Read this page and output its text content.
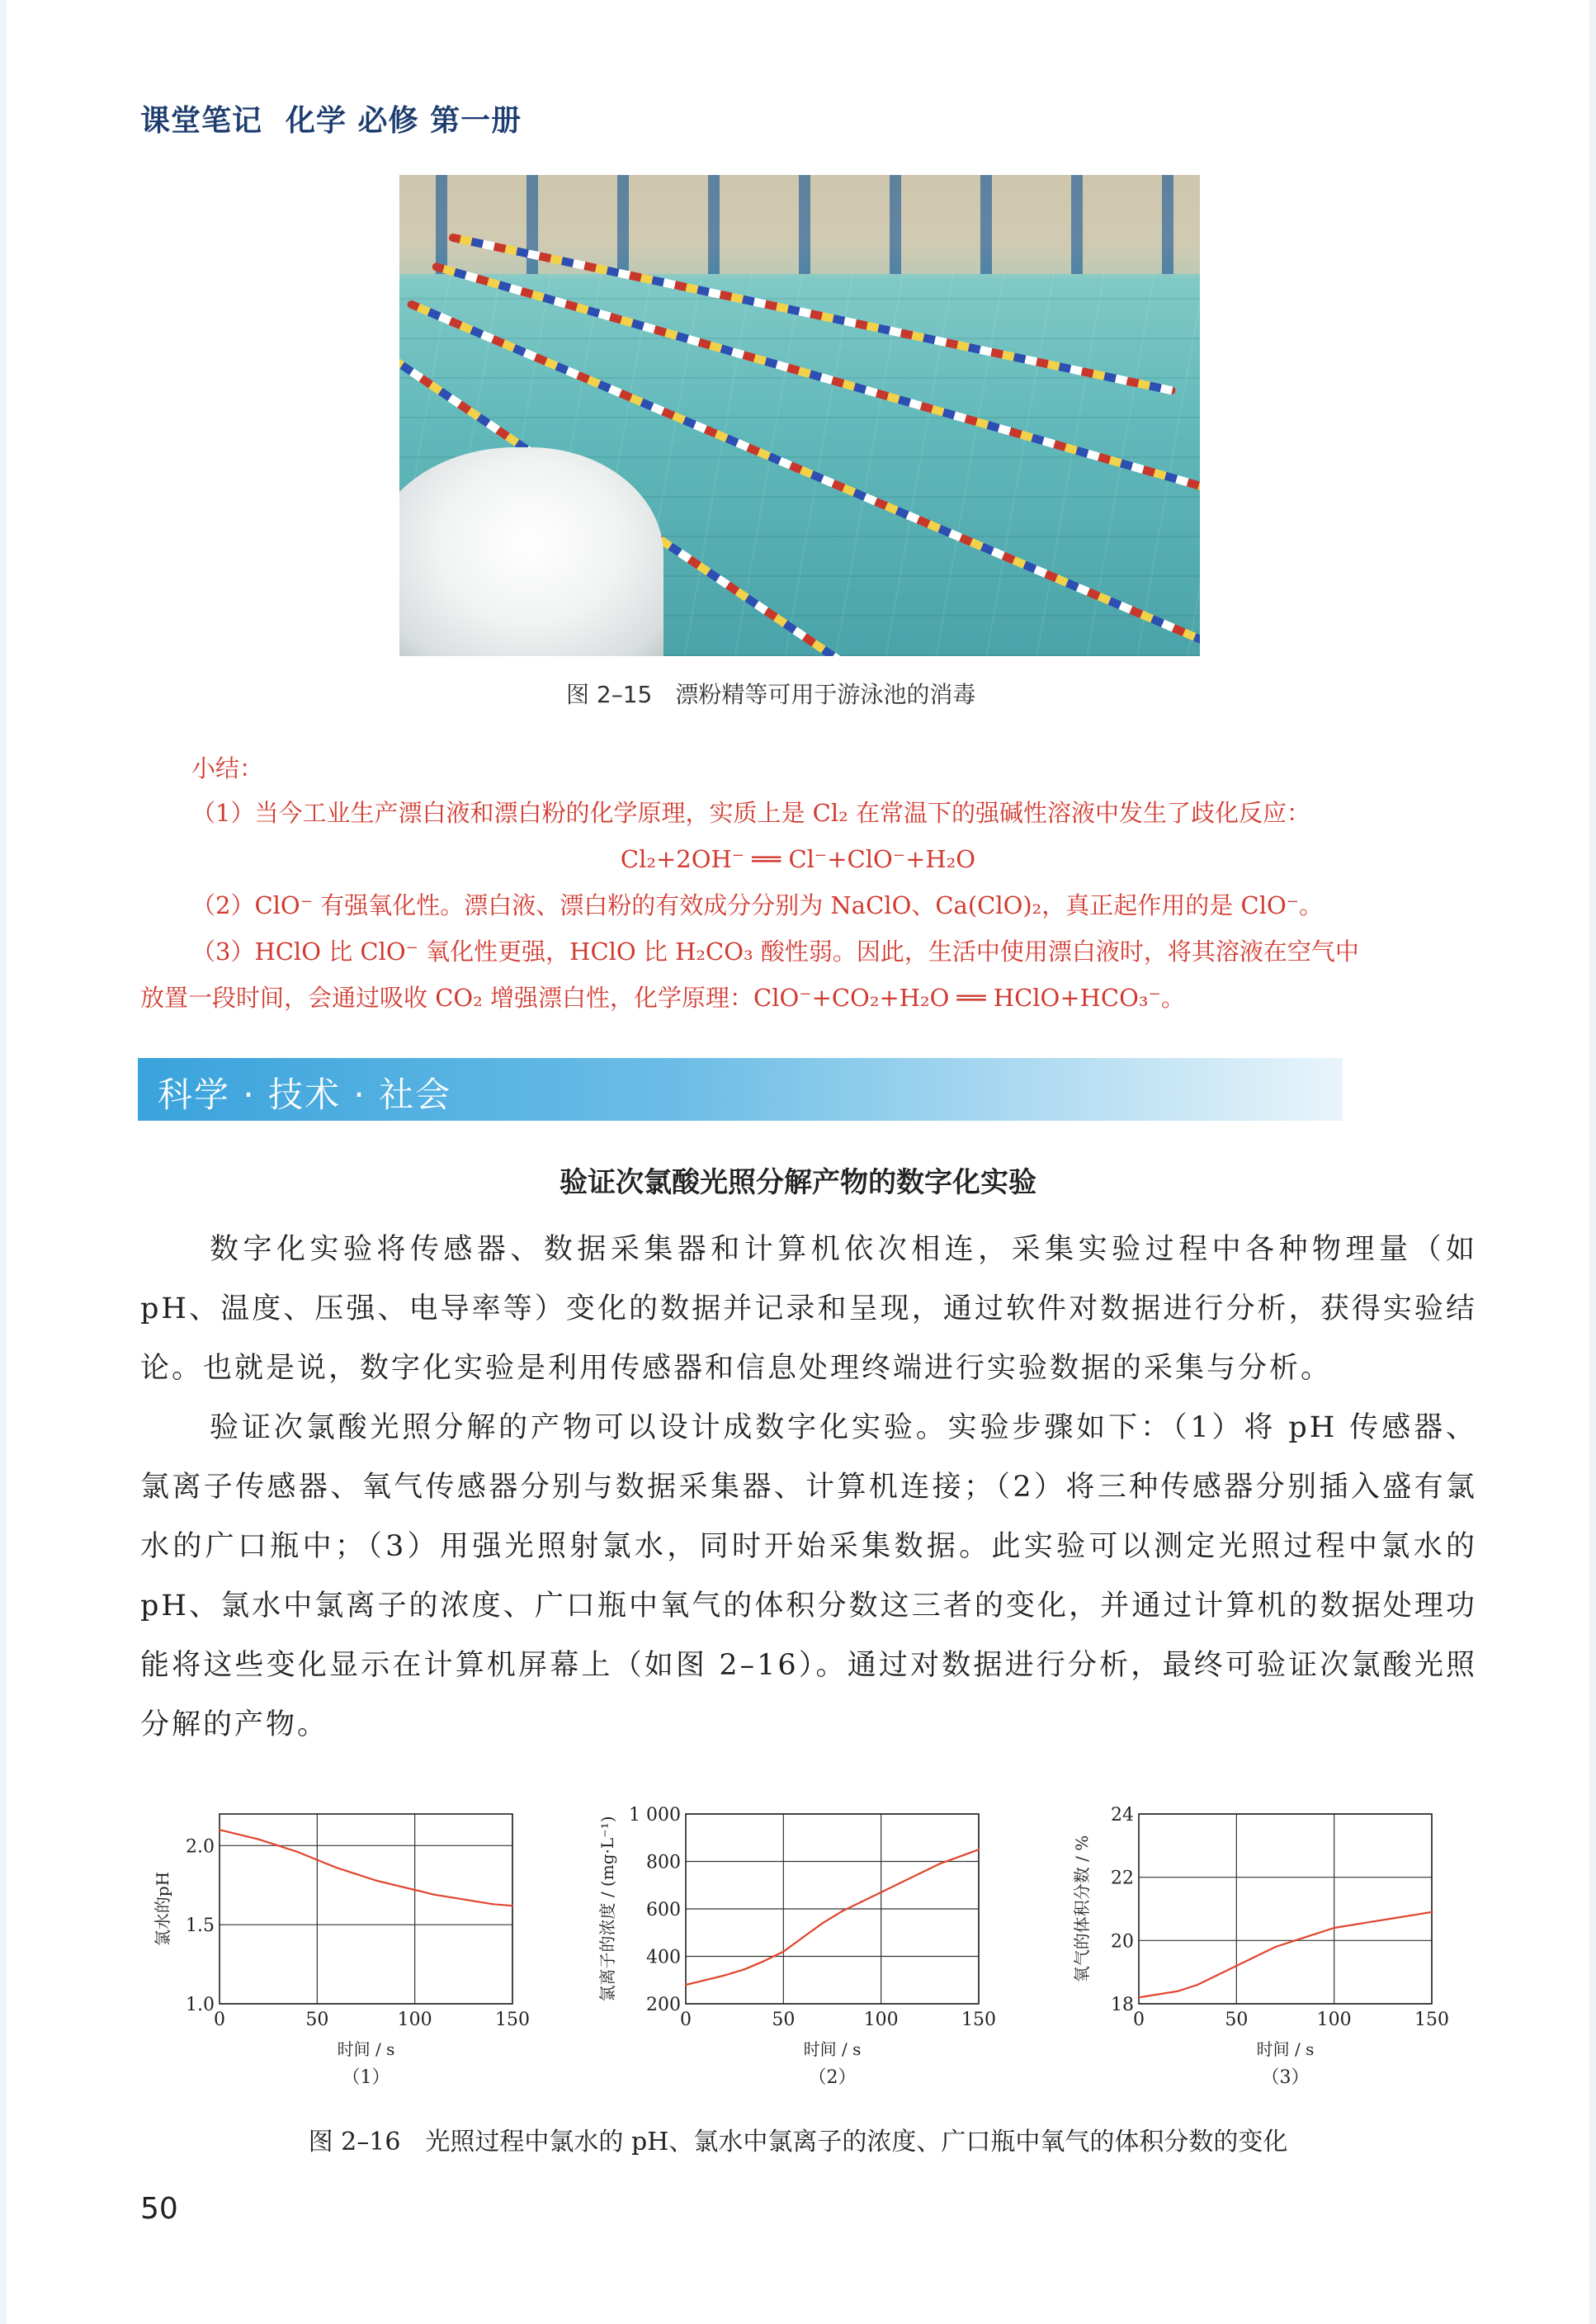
课堂笔记 化学 必修 第一册
图 2–15　漂粉精等可用于游泳池的消毒
小结：
（1）当今工业生产漂白液和漂白粉的化学原理，实质上是 Cl₂ 在常温下的强碱性溶液中发生了歧化反应：
Cl₂+2OH⁻ ══ Cl⁻+ClO⁻+H₂O
（2）ClO⁻ 有强氧化性。漂白液、漂白粉的有效成分分别为 NaClO、Ca(ClO)₂，真正起作用的是 ClO⁻。
（3）HClO 比 ClO⁻ 氧化性更强，HClO 比 H₂CO₃ 酸性弱。因此，生活中使用漂白液时，将其溶液在空气中
放置一段时间，会通过吸收 CO₂ 增强漂白性，化学原理：ClO⁻+CO₂+H₂O ══ HClO+HCO₃⁻。
科学 · 技术 · 社会
验证次氯酸光照分解产物的数字化实验

数字化实验将传感器、数据采集器和计算机依次相连，采集实验过程中各种物理量（如 pH、温度、压强、电导率等）变化的数据并记录和呈现，通过软件对数据进行分析，获得实验结论。也就是说，数字化实验是利用传感器和信息处理终端进行实验数据的采集与分析。

验证次氯酸光照分解的产物可以设计成数字化实验。实验步骤如下：（1）将 pH 传感器、氯离子传感器、氧气传感器分别与数据采集器、计算机连接；（2）将三种传感器分别插入盛有氯水的广口瓶中；（3）用强光照射氯水，同时开始采集数据。此实验可以测定光照过程中氯水的 pH、氯水中氯离子的浓度、广口瓶中氧气的体积分数这三者的变化，并通过计算机的数据处理功能将这些变化显示在计算机屏幕上（如图 2–16）。通过对数据进行分析，最终可验证次氯酸光照分解的产物。

0	50	100	150
1.0
1.5
2.0
时间 / s
（1）
氯水的pH
0	50	100	150
200
400
600
800
1 000
时间 / s
（2）
氯离子的浓度 / (mg·L⁻¹)
0	50	100	150
18
20
22
24
时间 / s
（3）
氧气的体积分数 / %
图 2–16　光照过程中氯水的 pH、氯水中氯离子的浓度、广口瓶中氧气的体积分数的变化
50
